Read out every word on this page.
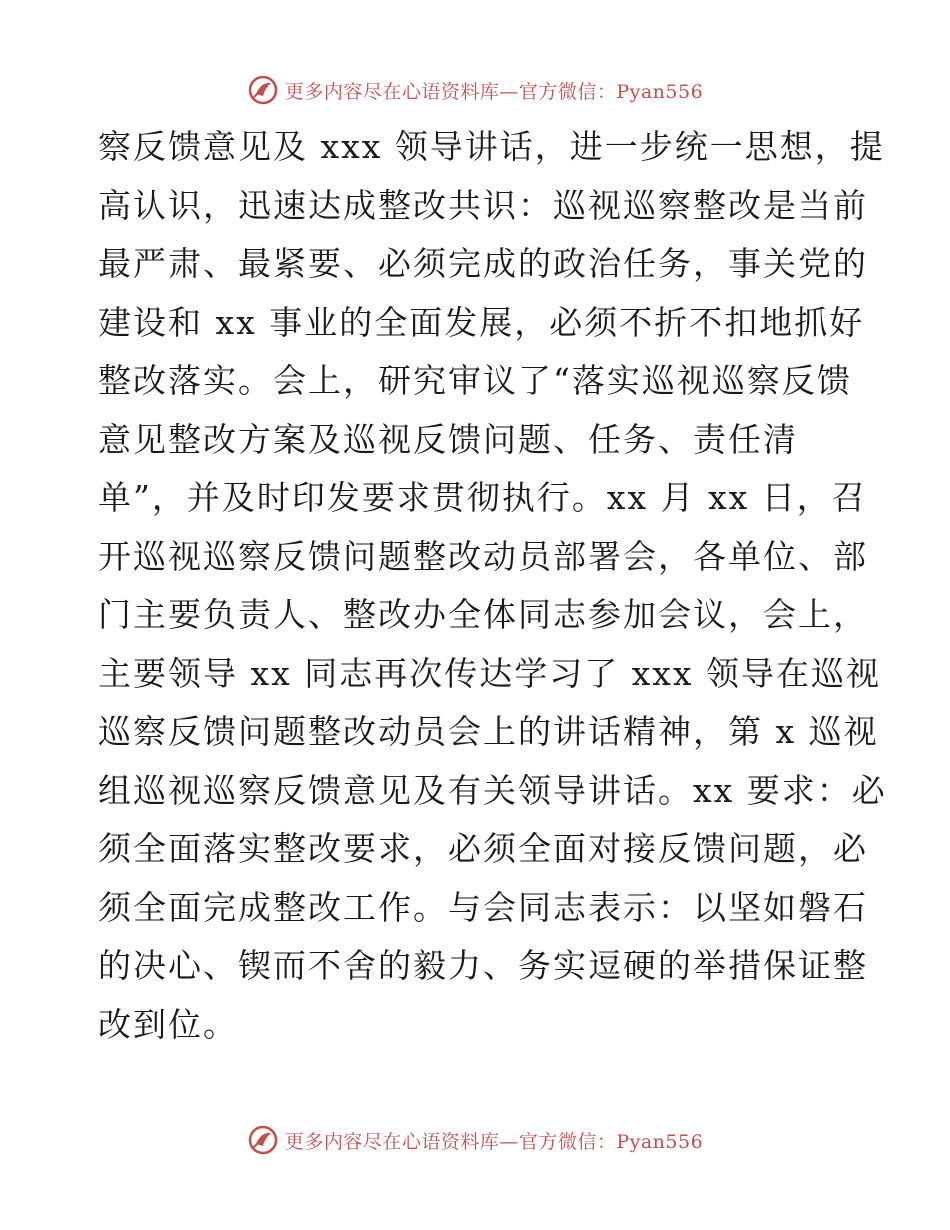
更多内容尽在心语资料库—官方微信：Pyan556
察反馈意见及 xxx 领导讲话，进一步统一思想，提
高认识，迅速达成整改共识：巡视巡察整改是当前
最严肃、最紧要、必须完成的政治任务，事关党的
建设和 xx 事业的全面发展，必须不折不扣地抓好
整改落实。会上，研究审议了“落实巡视巡察反馈
意见整改方案及巡视反馈问题、任务、责任清
单”，并及时印发要求贯彻执行。xx 月 xx 日，召
开巡视巡察反馈问题整改动员部署会，各单位、部
门主要负责人、整改办全体同志参加会议，会上，
主要领导 xx 同志再次传达学习了 xxx 领导在巡视
巡察反馈问题整改动员会上的讲话精神，第 x 巡视
组巡视巡察反馈意见及有关领导讲话。xx 要求：必
须全面落实整改要求，必须全面对接反馈问题，必
须全面完成整改工作。与会同志表示：以坚如磐石
的决心、锲而不舍的毅力、务实逗硬的举措保证整
改到位。
更多内容尽在心语资料库—官方微信：Pyan556
